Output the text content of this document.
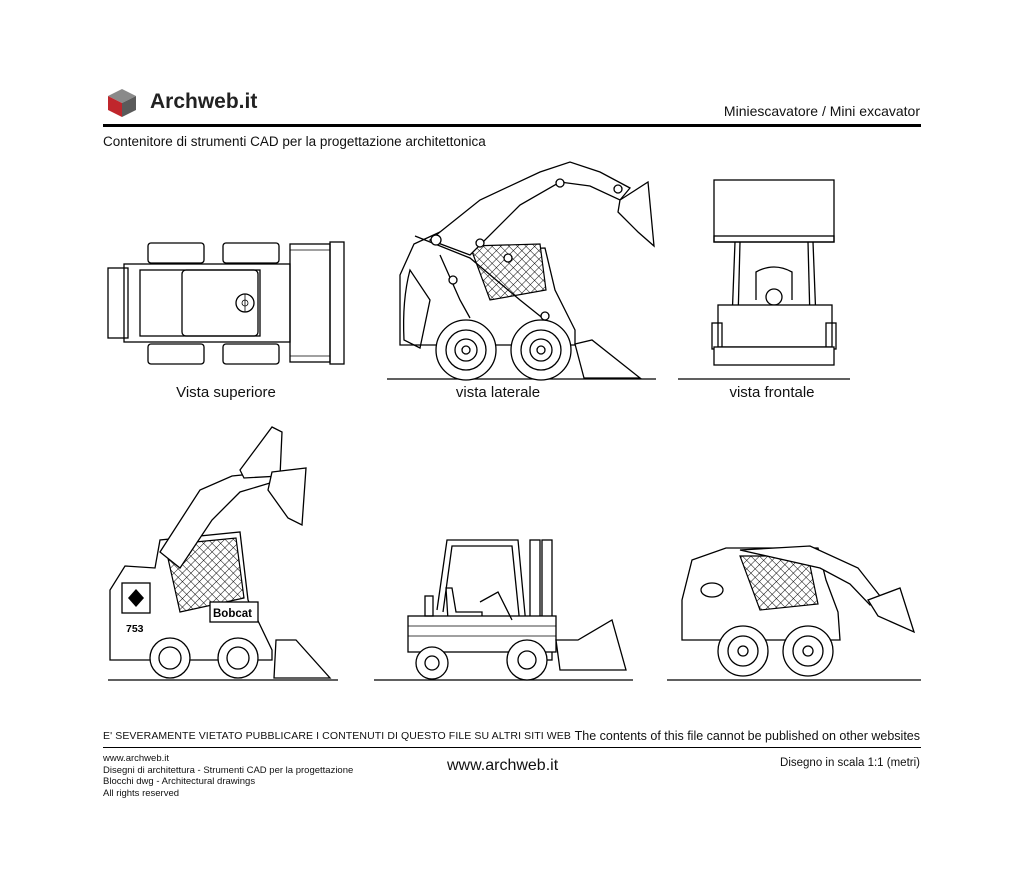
Bobcat
753
Archweb.it	Miniescavatore / Mini excavator
Contenitore di strumenti CAD per la progettazione architettonica
Vista superiore	vista laterale	vista frontale
E' SEVERAMENTE VIETATO PUBBLICARE I CONTENUTI DI QUESTO FILE SU ALTRI SITI WEB The contents of this file cannot be published on other websites
www.archweb.it
Disegni di architettura - Strumenti CAD per la progettazione
Blocchi dwg - Architectural drawings
All rights reserved
www.archweb.it	Disegno in scala 1:1 (metri)
